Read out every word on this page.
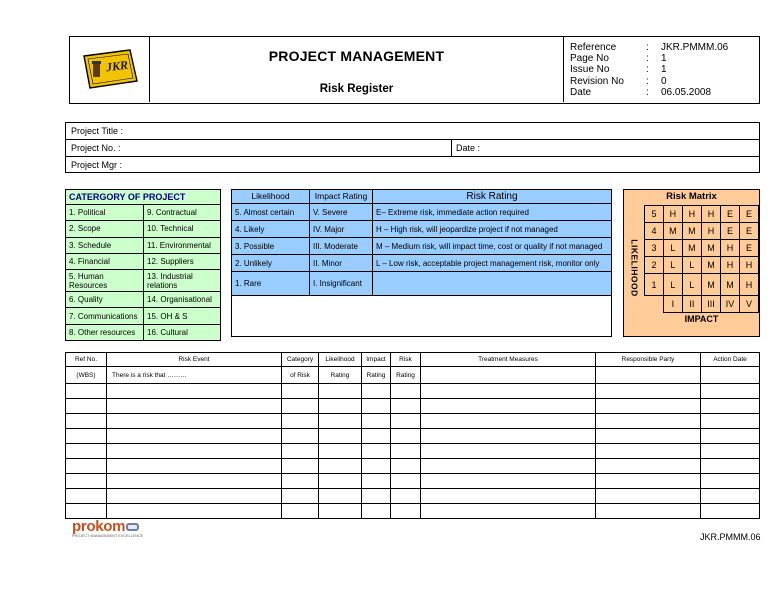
JKR
PROJECT MANAGEMENT
Risk Register
Reference	:	JKR.PMMM.06
Page No	:	1
Issue No	:	1
Revision No	:	0
Date	:	06.05.2008
Project Title :
Project No. :	Date :
Project Mgr :
CATERGORY OF PROJECT	
1. Political	9. Contractual
2. Scope	10. Technical
3. Schedule	11. Environmental
4. Financial	12. Suppliers
5. Human Resources	13. Industrial relations
6. Quality	14. Organisational
7. Communications	15. OH & S
8. Other resources	16. Cultural
Likelihood	Impact Rating	Risk Rating
5. Almost certain	V. Severe	E– Extreme risk, immediate action required
4. Likely	IV. Major	H – High risk, will jeopardize project if not managed
3. Possible	III. Moderate	M – Medium risk, will impact time, cost or quality if not managed
2. Unlikely	II. Minor	L – Low risk, acceptable project management risk, monitor only
1. Rare	I. Insignificant	
Risk Matrix
LIKELIHOOD
5	H	H	H	E	E
4	M	M	H	E	E
3	L	M	M	H	E
2	L	L	M	H	H
1	L	L	M	M	H
	I	II	III	IV	V
IMPACT
Ref No.	Risk Event	Category	Likelihood	Impact	Risk	Treatment Measures	Responsible Party	Action Date
(WBS)	There is a risk that ………	of Risk	Rating	Rating	Rating			

prokom
PROJECT MANAGEMENT EXCELLENCE	JKR.PMMM.06
